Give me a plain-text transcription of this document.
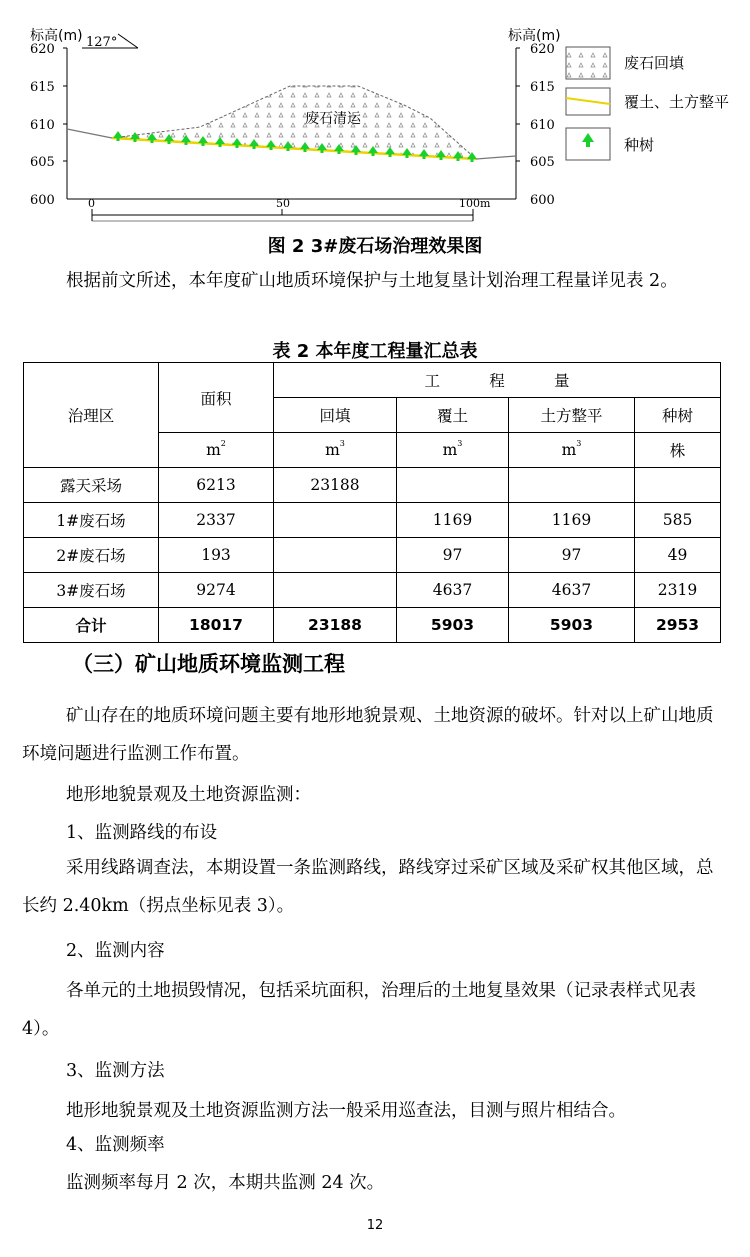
标高(m)
620
615
610
605
600
标高(m)
620
615
610
605
600
127°
废石清运
0	50	100m
废石回填
覆土、土方整平
种树
图 2 3#废石场治理效果图

根据前文所述，本年度矿山地质环境保护与土地复垦计划治理工程量详见表 2。

表 2 本年度工程量汇总表
治理区	面积	工          程          量			
		回填	覆土	土方整平	种树
	$m^2$	$m^3$	$m^3$	$m^3$	株
露天采场	6213	23188			
1#废石场	2337		1169	1169	585
2#废石场	193		97	97	49
3#废石场	9274		4637	4637	2319
合计	18017	23188	5903	5903	2953
（三）矿山地质环境监测工程

矿山存在的地质环境问题主要有地形地貌景观、土地资源的破坏。针对以上矿山地质环境问题进行监测工作布置。

地形地貌景观及土地资源监测：

1、监测路线的布设

采用线路调查法，本期设置一条监测路线，路线穿过采矿区域及采矿权其他区域，总长约 2.40km（拐点坐标见表 3）。

2、监测内容

各单元的土地损毁情况，包括采坑面积，治理后的土地复垦效果（记录表样式见表 4）。

3、监测方法

地形地貌景观及土地资源监测方法一般采用巡查法，目测与照片相结合。

4、监测频率

监测频率每月 2 次，本期共监测 24 次。

12
